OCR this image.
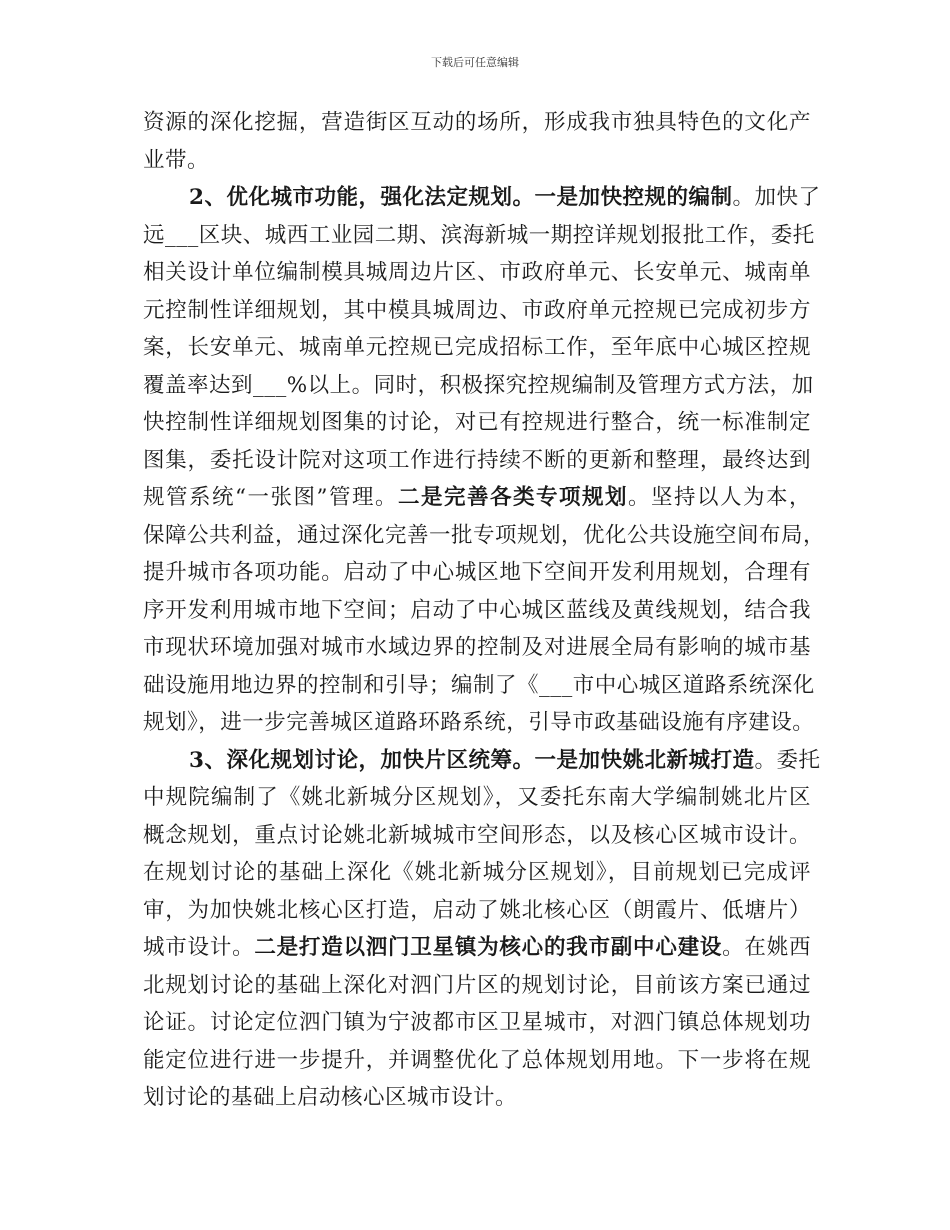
下载后可任意编辑
资源的深化挖掘，营造街区互动的场所，形成我市独具特色的文化产
业带。
2、优化城市功能，强化法定规划。一是加快控规的编制。加快了
远___区块、城西工业园二期、滨海新城一期控详规划报批工作，委托
相关设计单位编制模具城周边片区、市政府单元、长安单元、城南单
元控制性详细规划，其中模具城周边、市政府单元控规已完成初步方
案，长安单元、城南单元控规已完成招标工作，至年底中心城区控规
覆盖率达到___%以上。同时，积极探究控规编制及管理方式方法，加
快控制性详细规划图集的讨论，对已有控规进行整合，统一标准制定
图集，委托设计院对这项工作进行持续不断的更新和整理，最终达到
规管系统“一张图”管理。二是完善各类专项规划。坚持以人为本，
保障公共利益，通过深化完善一批专项规划，优化公共设施空间布局，
提升城市各项功能。启动了中心城区地下空间开发利用规划，合理有
序开发利用城市地下空间；启动了中心城区蓝线及黄线规划，结合我
市现状环境加强对城市水域边界的控制及对进展全局有影响的城市基
础设施用地边界的控制和引导；编制了《___市中心城区道路系统深化
规划》，进一步完善城区道路环路系统，引导市政基础设施有序建设。
3、深化规划讨论，加快片区统筹。一是加快姚北新城打造。委托
中规院编制了《姚北新城分区规划》，又委托东南大学编制姚北片区
概念规划，重点讨论姚北新城城市空间形态，以及核心区城市设计。
在规划讨论的基础上深化《姚北新城分区规划》，目前规划已完成评
审，为加快姚北核心区打造，启动了姚北核心区（朗霞片、低塘片）
城市设计。二是打造以泗门卫星镇为核心的我市副中心建设。在姚西
北规划讨论的基础上深化对泗门片区的规划讨论，目前该方案已通过
论证。讨论定位泗门镇为宁波都市区卫星城市，对泗门镇总体规划功
能定位进行进一步提升，并调整优化了总体规划用地。下一步将在规
划讨论的基础上启动核心区城市设计。
